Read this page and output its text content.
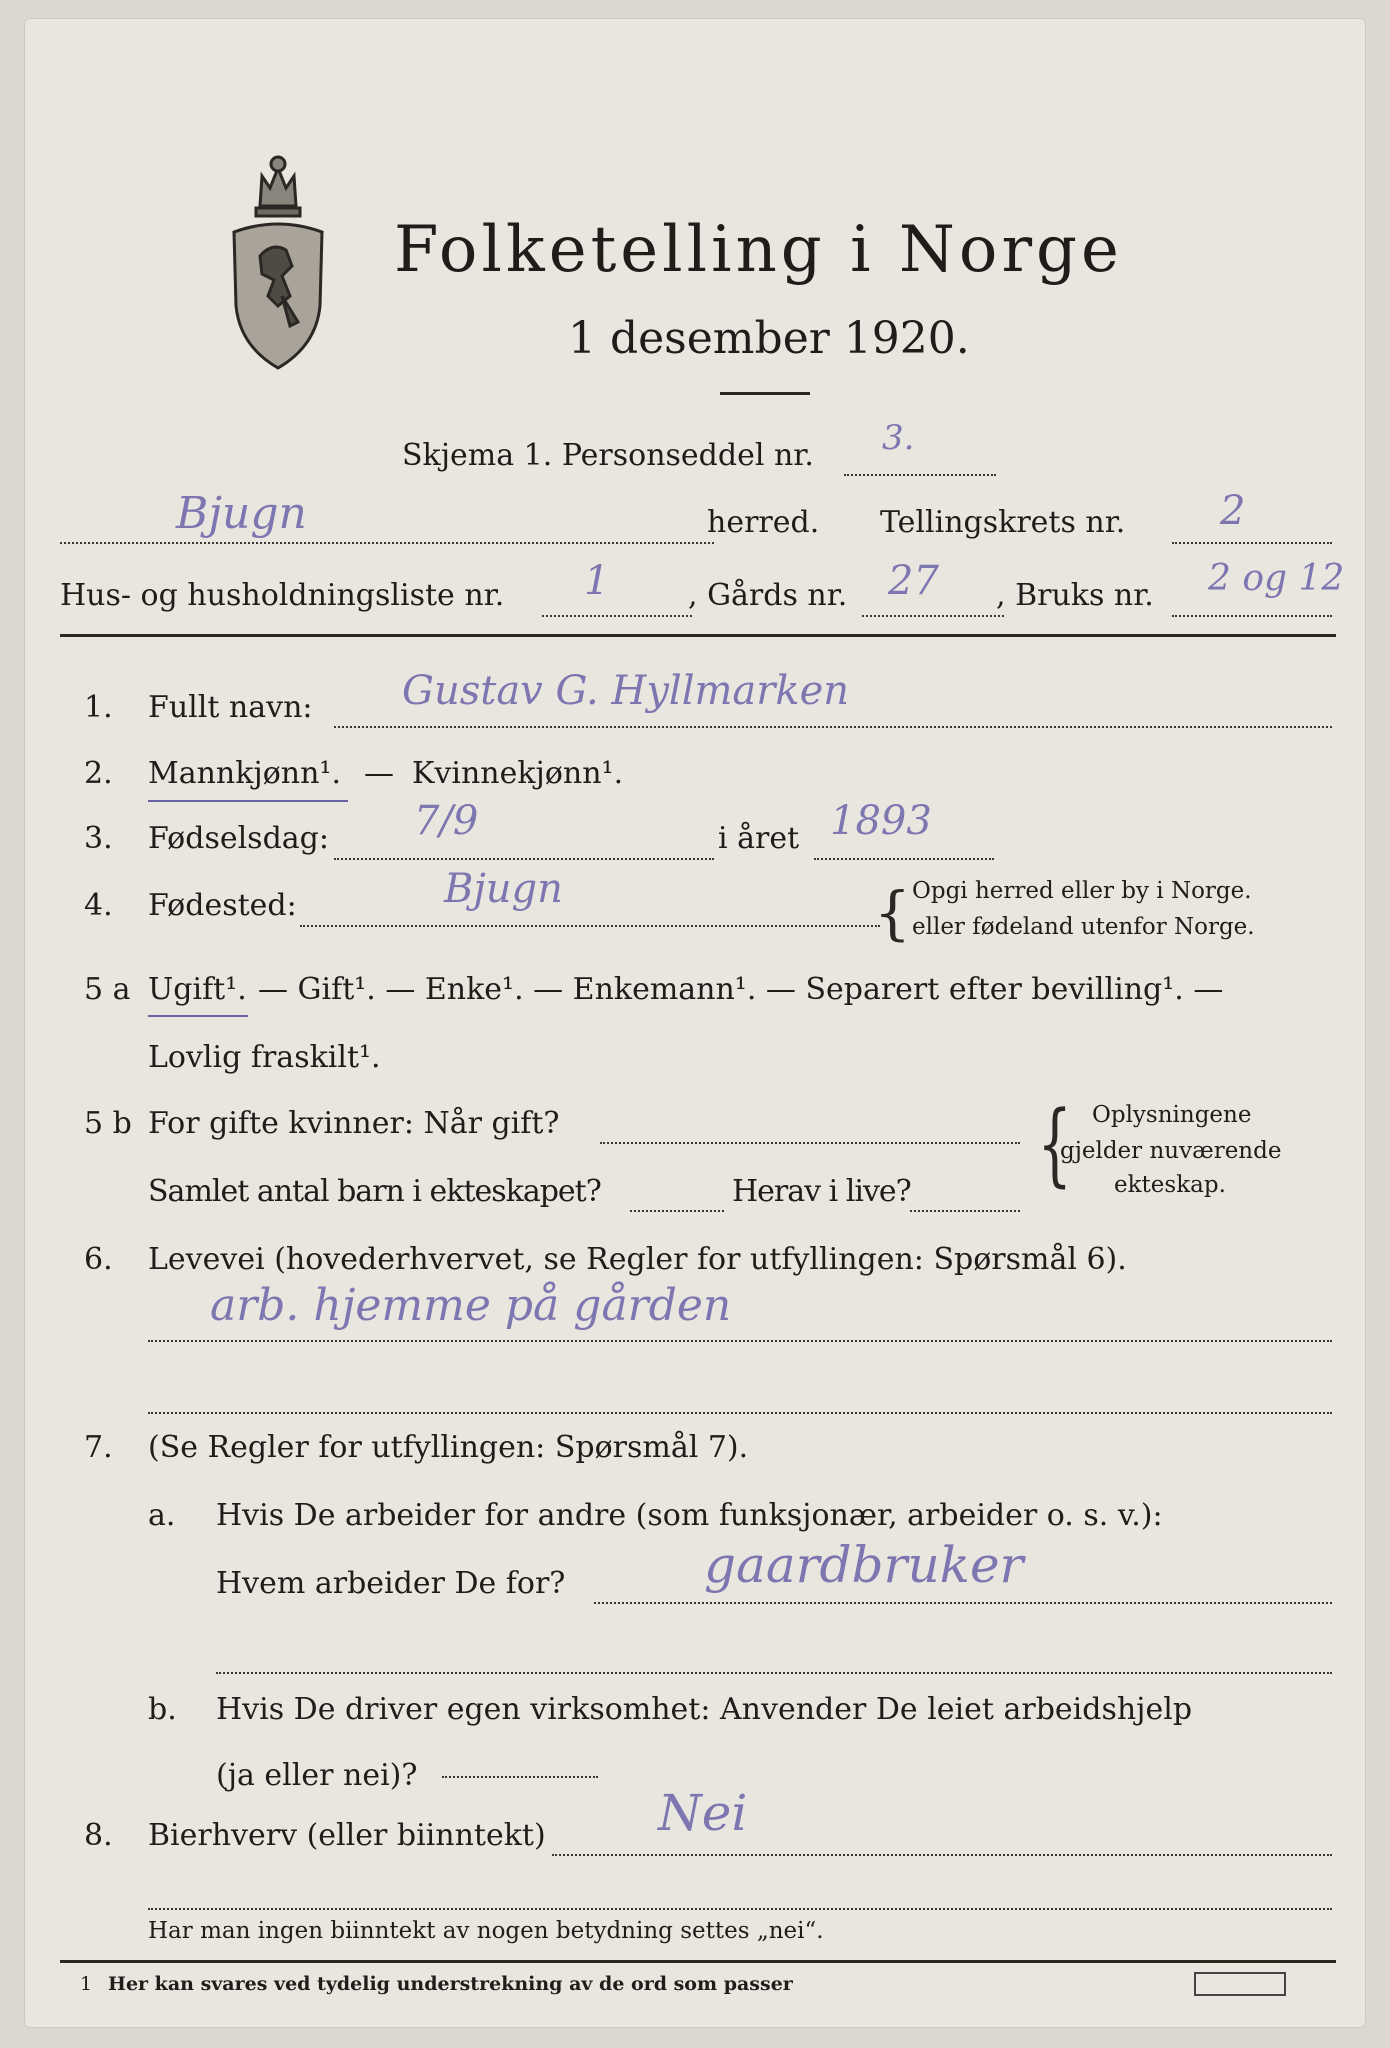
Folketelling i Norge
1 desember 1920.
Skjema 1. Personseddel nr. 3.
Bjugn	herred. Tellingskrets nr. 2
Hus- og husholdningsliste nr. 1	, Gårds nr. 27 , Bruks nr. 2 og 12
1. Fullt navn: Gustav G. Hyllmarken
2. Mannkjønn¹. — Kvinnekjønn¹.
3. Fødselsdag: 7/9	i året 1893
4. Fødested:	Bjugn	{ Opgi herred eller by i Norge.
eller fødeland utenfor Norge.
5 a Ugift¹. — Gift¹. — Enke¹. — Enkemann¹. — Separert efter bevilling¹. —
Lovlig fraskilt¹.
5 b For gifte kvinner: Når gift?
Samlet antal barn i ekteskapet?	Herav i live? { Oplysningene
gjelder nuværende
ekteskap.
6. Levevei (hovederhvervet, se Regler for utfyllingen: Spørsmål 6).
arb. hjemme på gården
7. (Se Regler for utfyllingen: Spørsmål 7).
a. Hvis De arbeider for andre (som funksjonær, arbeider o. s. v.):
Hvem arbeider De for?	gaardbruker
b. Hvis De driver egen virksomhet: Anvender De leiet arbeidshjelp
(ja eller nei)?
8. Bierhverv (eller biinntekt) Nei
Har man ingen biinntekt av nogen betydning settes „nei“.
1 Her kan svares ved tydelig understrekning av de ord som passer
